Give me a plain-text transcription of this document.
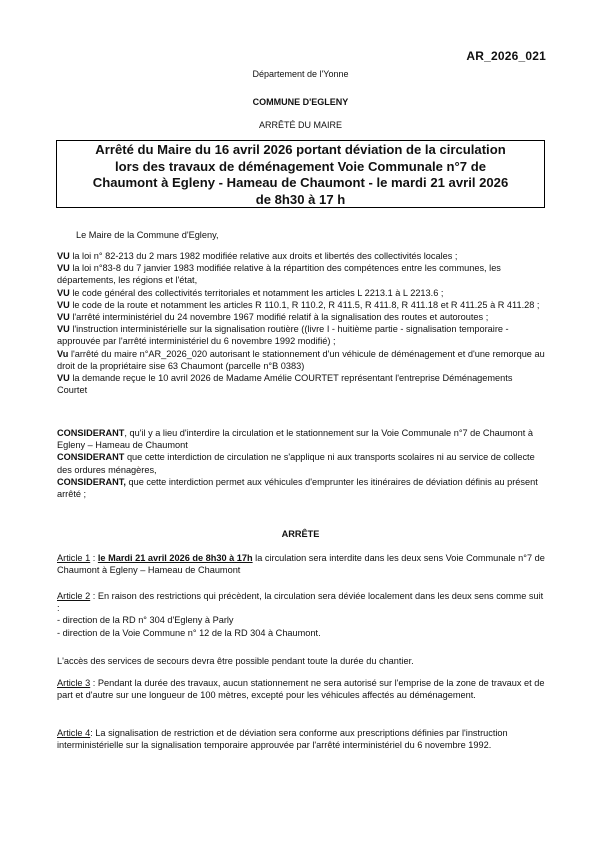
AR_2026_021
Département de l'Yonne
COMMUNE D'EGLENY
ARRÊTÉ DU MAIRE
Arrêté du Maire du 16 avril 2026 portant déviation de la circulation
lors des travaux de déménagement Voie Communale n°7 de
Chaumont à Egleny - Hameau de Chaumont - le mardi 21 avril 2026
de 8h30 à 17 h
Le Maire de la Commune d'Egleny,

VU la loi n° 82-213 du 2 mars 1982 modifiée relative aux droits et libertés des collectivités locales ;

VU la loi n°83-8 du 7 janvier 1983 modifiée relative à la répartition des compétences entre les communes, les départements, les régions et l'état,

VU le code général des collectivités territoriales et notamment les articles L 2213.1 à L 2213.6 ;

VU le code de la route et notamment les articles R 110.1, R 110.2, R 411.5, R 411.8, R 411.18 et R 411.25 à R 411.28 ;

VU l'arrêté interministériel du 24 novembre 1967 modifié relatif à la signalisation des routes et autoroutes ;

VU l'instruction interministérielle sur la signalisation routière ((livre I - huitième partie - signalisation temporaire - approuvée par l'arrêté interministériel du 6 novembre 1992 modifié) ;

Vu l'arrêté du maire n°AR_2026_020 autorisant le stationnement d'un véhicule de déménagement et d'une remorque au droit de la propriétaire sise 63 Chaumont (parcelle n°B 0383)

VU la demande reçue le 10 avril 2026 de Madame Amélie COURTET représentant l'entreprise Déménagements Courtet

CONSIDERANT, qu'il y a lieu d'interdire la circulation et le stationnement sur la Voie Communale n°7 de Chaumont à Egleny – Hameau de Chaumont

CONSIDERANT que cette interdiction de circulation ne s'applique ni aux transports scolaires ni au service de collecte des ordures ménagères,

CONSIDERANT, que cette interdiction permet aux véhicules d'emprunter les itinéraires de déviation définis au présent arrêté ;

ARRÊTE

Article 1 : le Mardi 21 avril 2026 de 8h30 à 17h la circulation sera interdite dans les deux sens Voie Communale n°7 de Chaumont à Egleny – Hameau de Chaumont

Article 2 : En raison des restrictions qui précèdent, la circulation sera déviée localement dans les deux sens comme suit :

- direction de la RD n° 304 d'Egleny à Parly

- direction de la Voie Commune n° 12 de la RD 304 à Chaumont.

L'accès des services de secours devra être possible pendant toute la durée du chantier.

Article 3 : Pendant la durée des travaux, aucun stationnement ne sera autorisé sur l'emprise de la zone de travaux et de part et d'autre sur une longueur de 100 mètres, excepté pour les véhicules affectés au déménagement.

Article 4: La signalisation de restriction et de déviation sera conforme aux prescriptions définies par l'instruction interministérielle sur la signalisation temporaire approuvée par l'arrêté interministériel du 6 novembre 1992.
